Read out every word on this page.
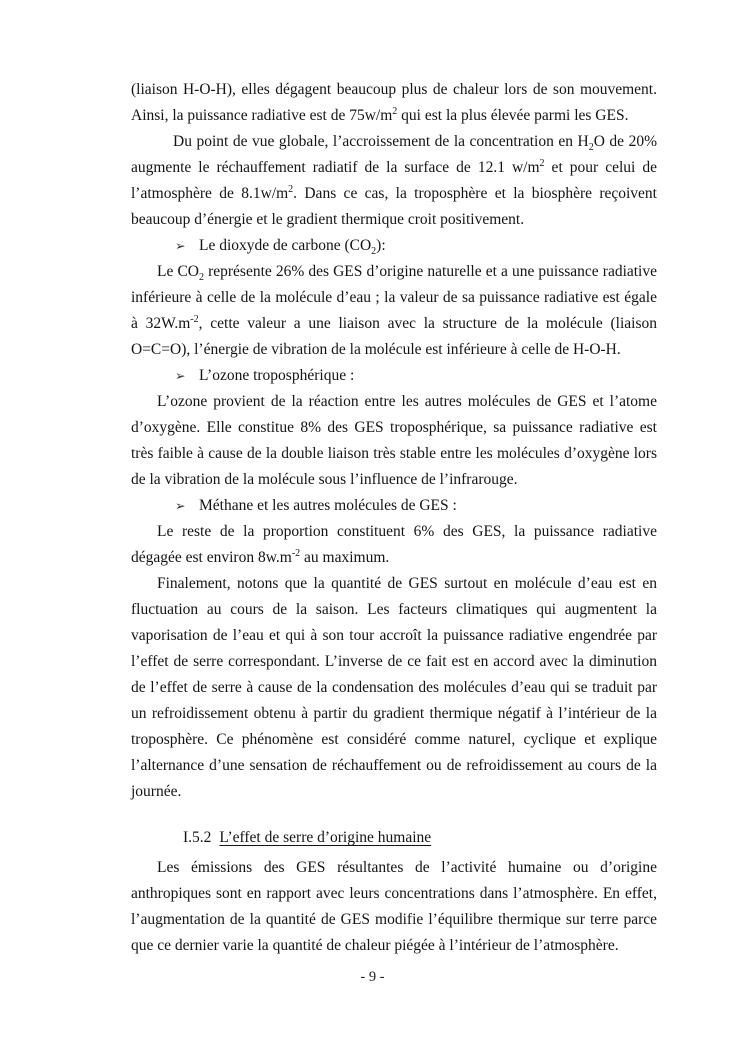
(liaison H-O-H), elles dégagent beaucoup plus de chaleur lors de son mouvement. Ainsi, la puissance radiative est de $75w/m^2$ qui est la plus élevée parmi les GES.

Du point de vue globale, l’accroissement de la concentration en $H_2O$ de 20% augmente le réchauffement radiatif de la surface de 12.1 $w/m^2$ et pour celui de l’atmosphère de $8.1w/m^2$. Dans ce cas, la troposphère et la biosphère reçoivent beaucoup d’énergie et le gradient thermique croit positivement.

➢ Le dioxyde de carbone $(CO_2)$:

Le $CO_2$ représente 26% des GES d’origine naturelle et a une puissance radiative inférieure à celle de la molécule d’eau ; la valeur de sa puissance radiative est égale à $32W.m^{-2}$, cette valeur a une liaison avec la structure de la molécule (liaison O=C=O), l’énergie de vibration de la molécule est inférieure à celle de H-O-H.

➢ L’ozone troposphérique :

L’ozone provient de la réaction entre les autres molécules de GES et l’atome d’oxygène. Elle constitue 8% des GES troposphérique, sa puissance radiative est très faible à cause de la double liaison très stable entre les molécules d’oxygène lors de la vibration de la molécule sous l’influence de l’infrarouge.

➢ Méthane et les autres molécules de GES :

Le reste de la proportion constituent 6% des GES, la puissance radiative dégagée est environ $8w.m^{-2}$ au maximum.

Finalement, notons que la quantité de GES surtout en molécule d’eau est en fluctuation au cours de la saison. Les facteurs climatiques qui augmentent la vaporisation de l’eau et qui à son tour accroît la puissance radiative engendrée par l’effet de serre correspondant. L’inverse de ce fait est en accord avec la diminution de l’effet de serre à cause de la condensation des molécules d’eau qui se traduit par un refroidissement obtenu à partir du gradient thermique négatif à l’intérieur de la troposphère. Ce phénomène est considéré comme naturel, cyclique et explique l’alternance d’une sensation de réchauffement ou de refroidissement au cours de la journée.

I.5.2 L’effet de serre d’origine humaine

Les émissions des GES résultantes de l’activité humaine ou d’origine anthropiques sont en rapport avec leurs concentrations dans l’atmosphère. En effet, l’augmentation de la quantité de GES modifie l’équilibre thermique sur terre parce que ce dernier varie la quantité de chaleur piégée à l’intérieur de l’atmosphère.

- 9 -
